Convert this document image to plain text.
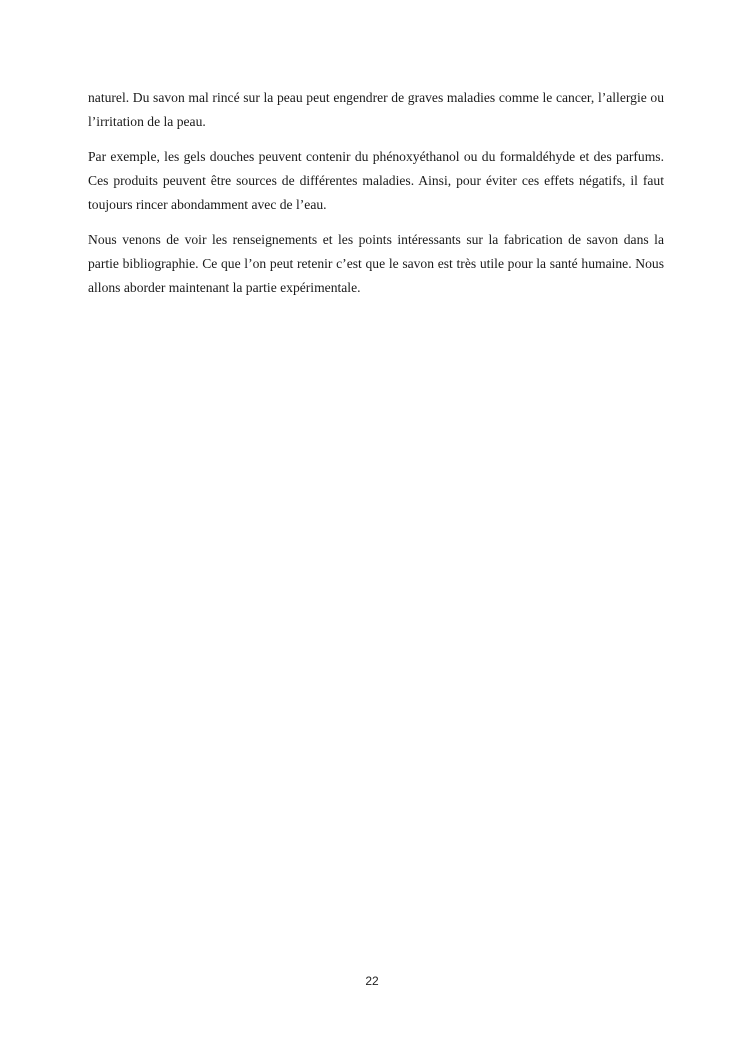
naturel. Du savon mal rincé sur la peau peut engendrer de graves maladies comme le cancer, l’allergie ou l’irritation de la peau.

Par exemple, les gels douches peuvent contenir du phénoxyéthanol ou du formaldéhyde et des parfums. Ces produits peuvent être sources de différentes maladies. Ainsi, pour éviter ces effets négatifs, il faut toujours rincer abondamment avec de l’eau.

Nous venons de voir les renseignements et les points intéressants sur la fabrication de savon dans la partie bibliographie. Ce que l’on peut retenir c’est que le savon est très utile pour la santé humaine. Nous allons aborder maintenant la partie expérimentale.

22
